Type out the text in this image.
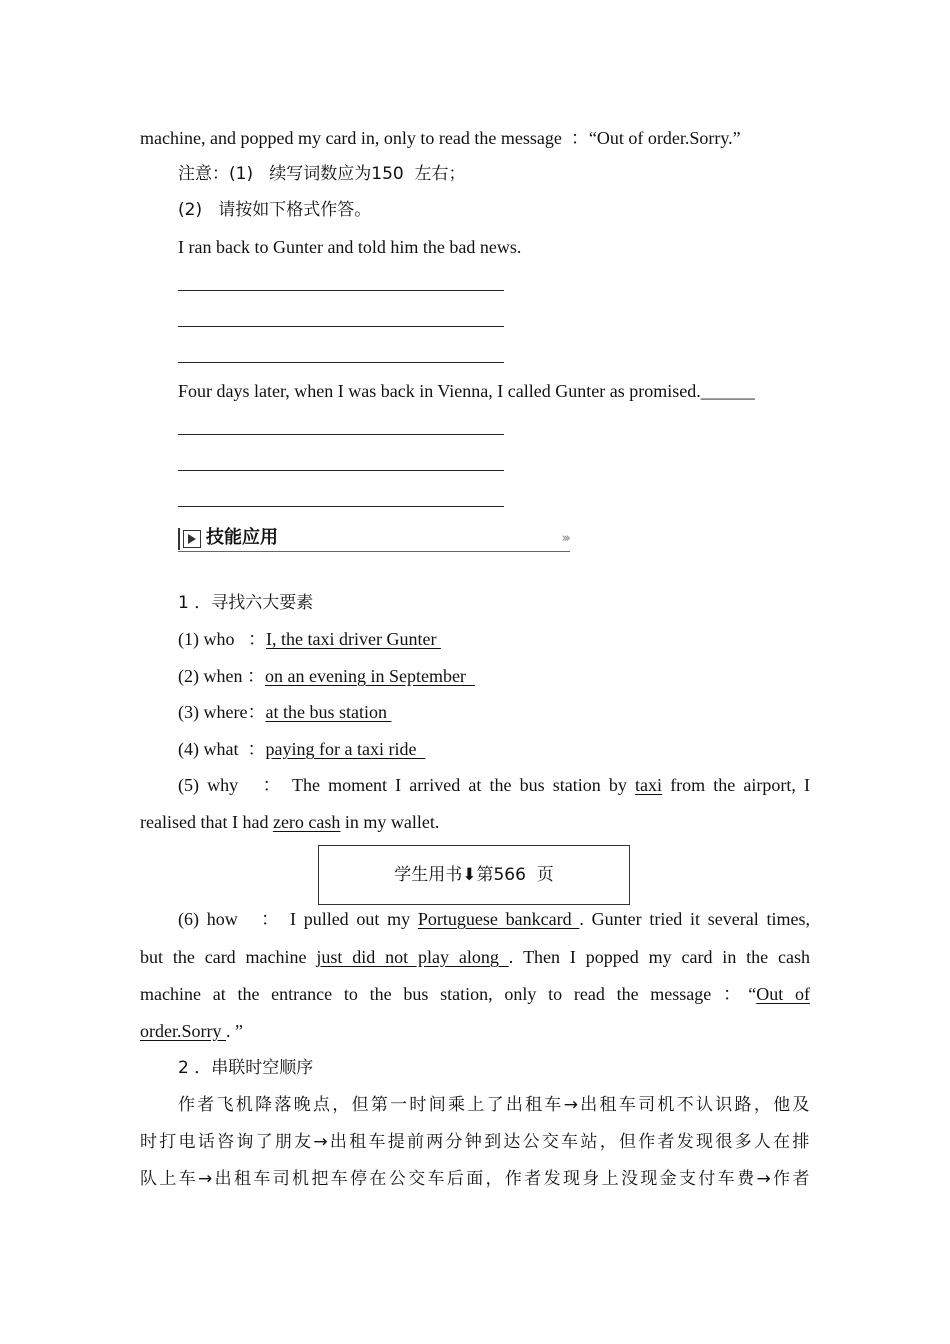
machine, and popped my card in, only to read the message  ：“Out of order.Sorry.”
注意：(1)   续写词数应为150  左右；
(2)   请按如下格式作答。
I ran back to Gunter and told him the bad news.
Four days later, when I was back in Vienna, I called Gunter as promised.______
技能应用	›››
1 ．寻找六大要素
(1) who   ：I, the taxi driver Gunter
(2) when ：on an evening in September
(3) where：at the bus station
(4) what  ：paying for a taxi ride
(5) why   ： The moment I arrived at the bus station by taxi from the airport, I
realised that I had zero cash in my wallet.
学生用书⬇第566  页
(6) how   ： I pulled out my Portuguese bankcard . Gunter tried it several times,
but the card machine just did not play along . Then I popped my card in the cash
machine at the entrance to the bus station, only to read the message ：“Out of
order.Sorry . ”
2 ．串联时空顺序
作者飞机降落晚点，但第一时间乘上了出租车→出租车司机不认识路，他及
时打电话咨询了朋友→出租车提前两分钟到达公交车站，但作者发现很多人在排
队上车→出租车司机把车停在公交车后面，作者发现身上没现金支付车费→作者
